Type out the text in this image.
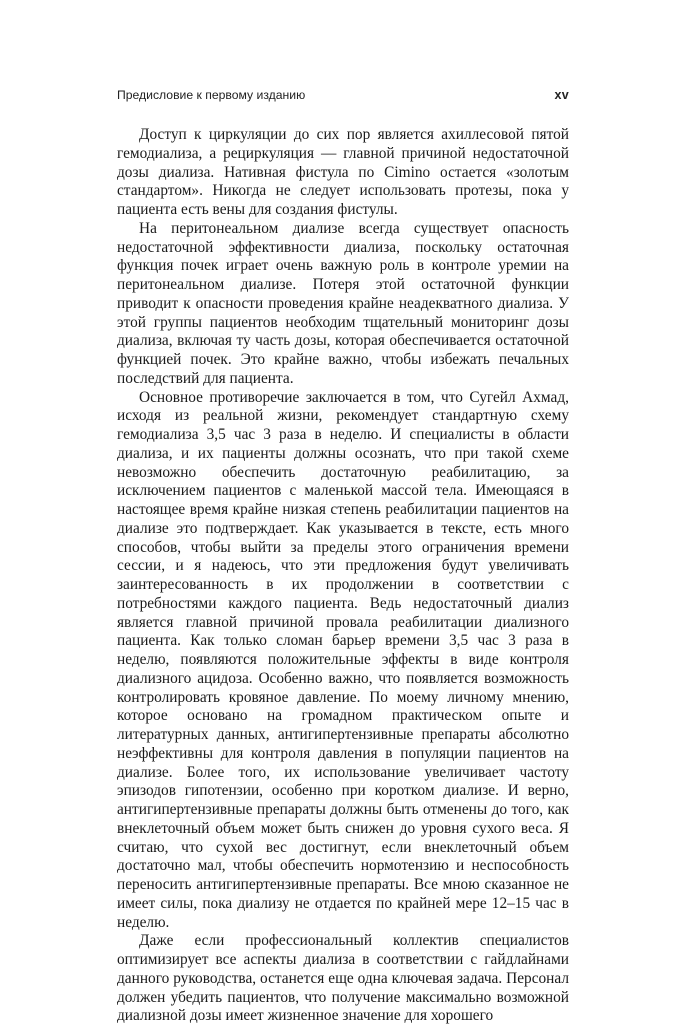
Предисловие к первому изданию	xv

Доступ к циркуляции до сих пор является ахиллесовой пятой гемодиализа, а рециркуляция — главной причиной недостаточной дозы диализа. Нативная фистула по Cimino остается «золотым стандартом». Никогда не следует использовать протезы, пока у пациента есть вены для создания фистулы.

На перитонеальном диализе всегда существует опасность недостаточной эффективности диализа, поскольку остаточная функция почек играет очень важную роль в контроле уремии на перитонеальном диализе. Потеря этой остаточной функции приводит к опасности проведения крайне неадекватного диализа. У этой группы пациентов необходим тщательный мониторинг дозы диализа, включая ту часть дозы, которая обеспечивается остаточной функцией почек. Это крайне важно, чтобы избежать печальных последствий для пациента.

Основное противоречие заключается в том, что Сугейл Ахмад, исходя из реальной жизни, рекомендует стандартную схему гемодиализа 3,5 час 3 раза в неделю. И специалисты в области диализа, и их пациенты должны осознать, что при такой схеме невозможно обеспечить достаточную реабилитацию, за исключением пациентов с маленькой массой тела. Имеющаяся в настоящее время крайне низкая степень реабилитации пациентов на диализе это подтверждает. Как указывается в тексте, есть много способов, чтобы выйти за пределы этого ограничения времени сессии, и я надеюсь, что эти предложения будут увеличивать заинтересованность в их продолжении в соответствии с потребностями каждого пациента. Ведь недостаточный диализ является главной причиной провала реабилитации диализного пациента. Как только сломан барьер времени 3,5 час 3 раза в неделю, появляются положительные эффекты в виде контроля диализного ацидоза. Особенно важно, что появляется возможность контролировать кровяное давление. По моему личному мнению, которое основано на громадном практическом опыте и литературных данных, антигипертензивные препараты абсолютно неэффективны для контроля давления в популяции пациентов на диализе. Более того, их использование увеличивает частоту эпизодов гипотензии, особенно при коротком диализе. И верно, антигипертензивные препараты должны быть отменены до того, как внеклеточный объем может быть снижен до уровня сухого веса. Я считаю, что сухой вес достигнут, если внеклеточный объем достаточно мал, чтобы обеспечить нормотензию и неспособность переносить антигипертензивные препараты. Все мною сказанное не имеет силы, пока диализу не отдается по крайней мере 12–15 час в неделю.

Даже если профессиональный коллектив специалистов оптимизирует все аспекты диализа в соответствии с гайдлайнами данного руководства, останется еще одна ключевая задача. Персонал должен убедить пациентов, что получение максимально возможной диализной дозы имеет жизненное значение для хорошего
